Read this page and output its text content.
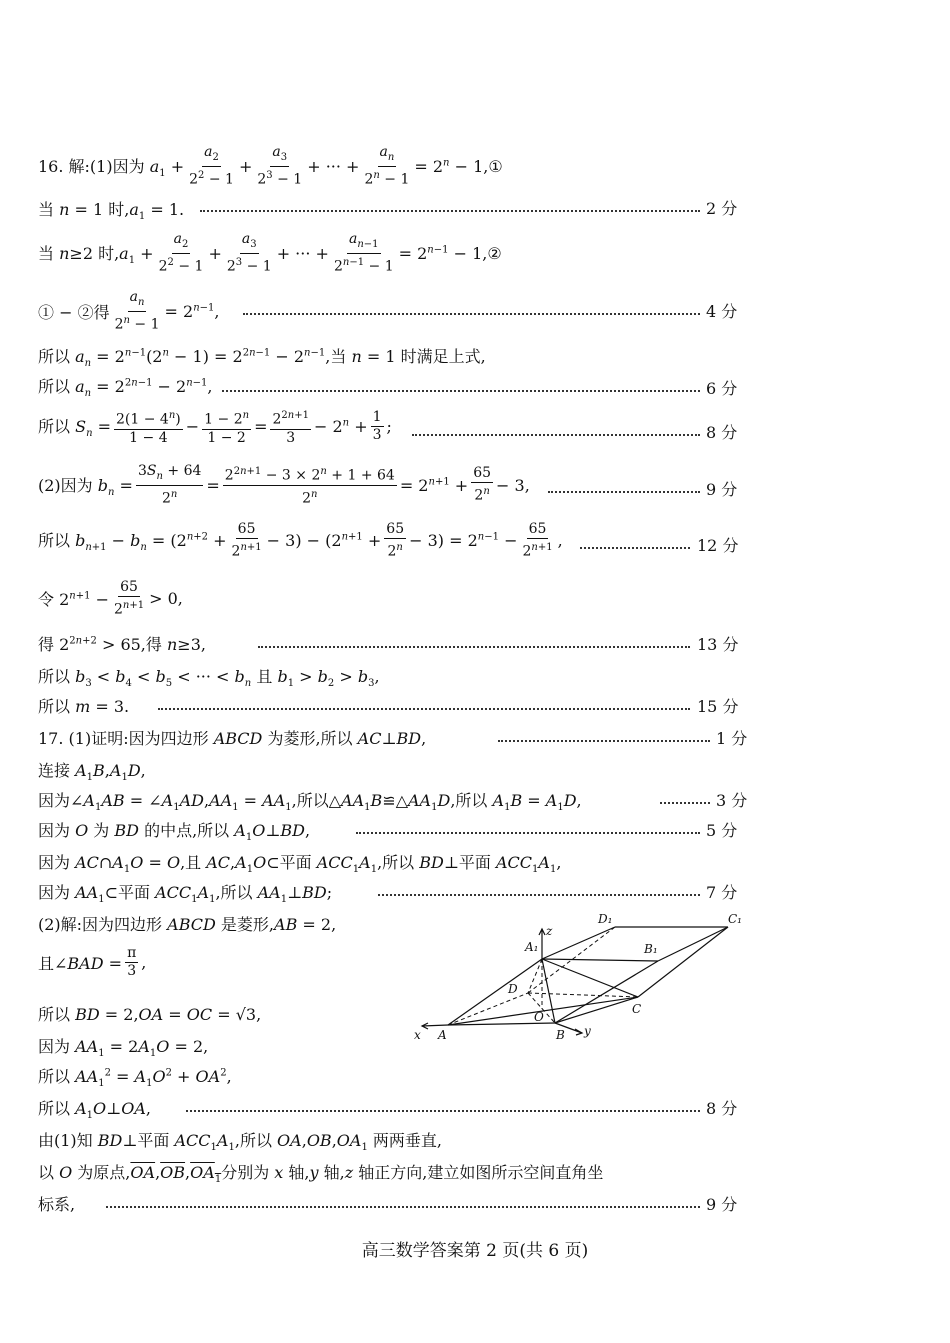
16. 解:(1)因为 $a_1 + \frac{a_2}{2^2 - 1} + \frac{a_3}{2^3 - 1}$ + ··· + $\frac{a_n}{2^n - 1} = 2^n$ − 1,①
当 n = 1 时$,a_1 = 1$.	2 分
当 n≥2 时$,a_1 + \frac{a_2}{2^2 - 1} + \frac{a_3}{2^3 - 1}$ + ··· + $\frac{a_{n-1}}{2^{n-1} - 1} = 2^{n-1}$ − 1,②
① − ②得 $\frac{a_n}{2^n - 1} = 2^{n-1}$,	4 分
所以 $a_n = 2^{n-1}(2^n - 1) = 2^{2n-1} - 2^{n-1}$,当 n = 1 时满足上式,
所以 $a_n = 2^{2n-1} - 2^{n-1}$,	6 分
所以 $S_n = \frac{2(1 - 4^n)}{1 - 4} - \frac{1 - 2^n}{1 - 2} = \frac{2^{2n+1}}{3} - 2^n + \frac{1}{3}$ ;	8 分
(2)因为 $b_n = \frac{3S_n + 64}{2^n} = \frac{2^{2n+1} - 3 \times 2^n + 1 + 64}{2^n} = 2^{n+1} + \frac{65}{2^n} - 3$,	9 分
所以 $b_{n+1} - b_n = (2^{n+2} + \frac{65}{2^{n+1}} - 3) - (2^{n+1} + \frac{65}{2^n} - 3) = 2^{n-1} - \frac{65}{2^{n+1}}$ ,	12 分
令 $2^{n+1} - \frac{65}{2^{n+1}} > 0$,
得 $2^{2n+2} > 65$,得 n≥3,	13 分
所以 $b_3 < b_4 < b_5$ < ··· < $b_n$ 且 $b_1 > b_2 > b_3$,
所以 m = 3.	15 分
17. (1)证明:因为四边形 ABCD 为菱形,所以 AC⊥BD,	1 分
连接 $A_1B,A_1D$,
因为$\angle A_1AB$ = $\angle A_1AD,AA_1 = AA_1$,所以$\triangle AA_1B≌\triangle AA_1D$,所以 $A_1B = A_1D$,	3 分
因为 O 为 BD 的中点,所以 $A_1O\perp BD$,	5 分
因为 $AC\cap A_1O = O$,且 $AC,A_1O\subset$平面 $ACC_1A_1$,所以 BD⊥平面 $ACC_1A_1$,
因为 $AA_1\subset$平面 $ACC_1A_1$,所以 $AA_1\perp BD$;	7 分
(2)解:因为四边形 ABCD 是菱形,AB = 2,
且∠BAD = $\frac{\pi}{3}$ ,
所以 BD = 2,OA = OC = √3,
因为 $AA_1 = 2A_1O = 2$,
所以 $AA_1^2 = A_1O^2 + OA^2$,
所以 $A_1O\perp OA$,	8 分
由(1)知 BD⊥平面 $ACC_1A_1$,所以 $OA,OB,OA_1$ 两两垂直,
以 O 为原点$,\overline{OA},\overline{OB},OA_1$分别为 x 轴,y 轴,z 轴正方向,建立如图所示空间直角坐
标系,	9 分
D₁	C₁
A₁	B₁
D
C
O
x A	B y
z
高三数学答案第 2 页(共 6 页)
